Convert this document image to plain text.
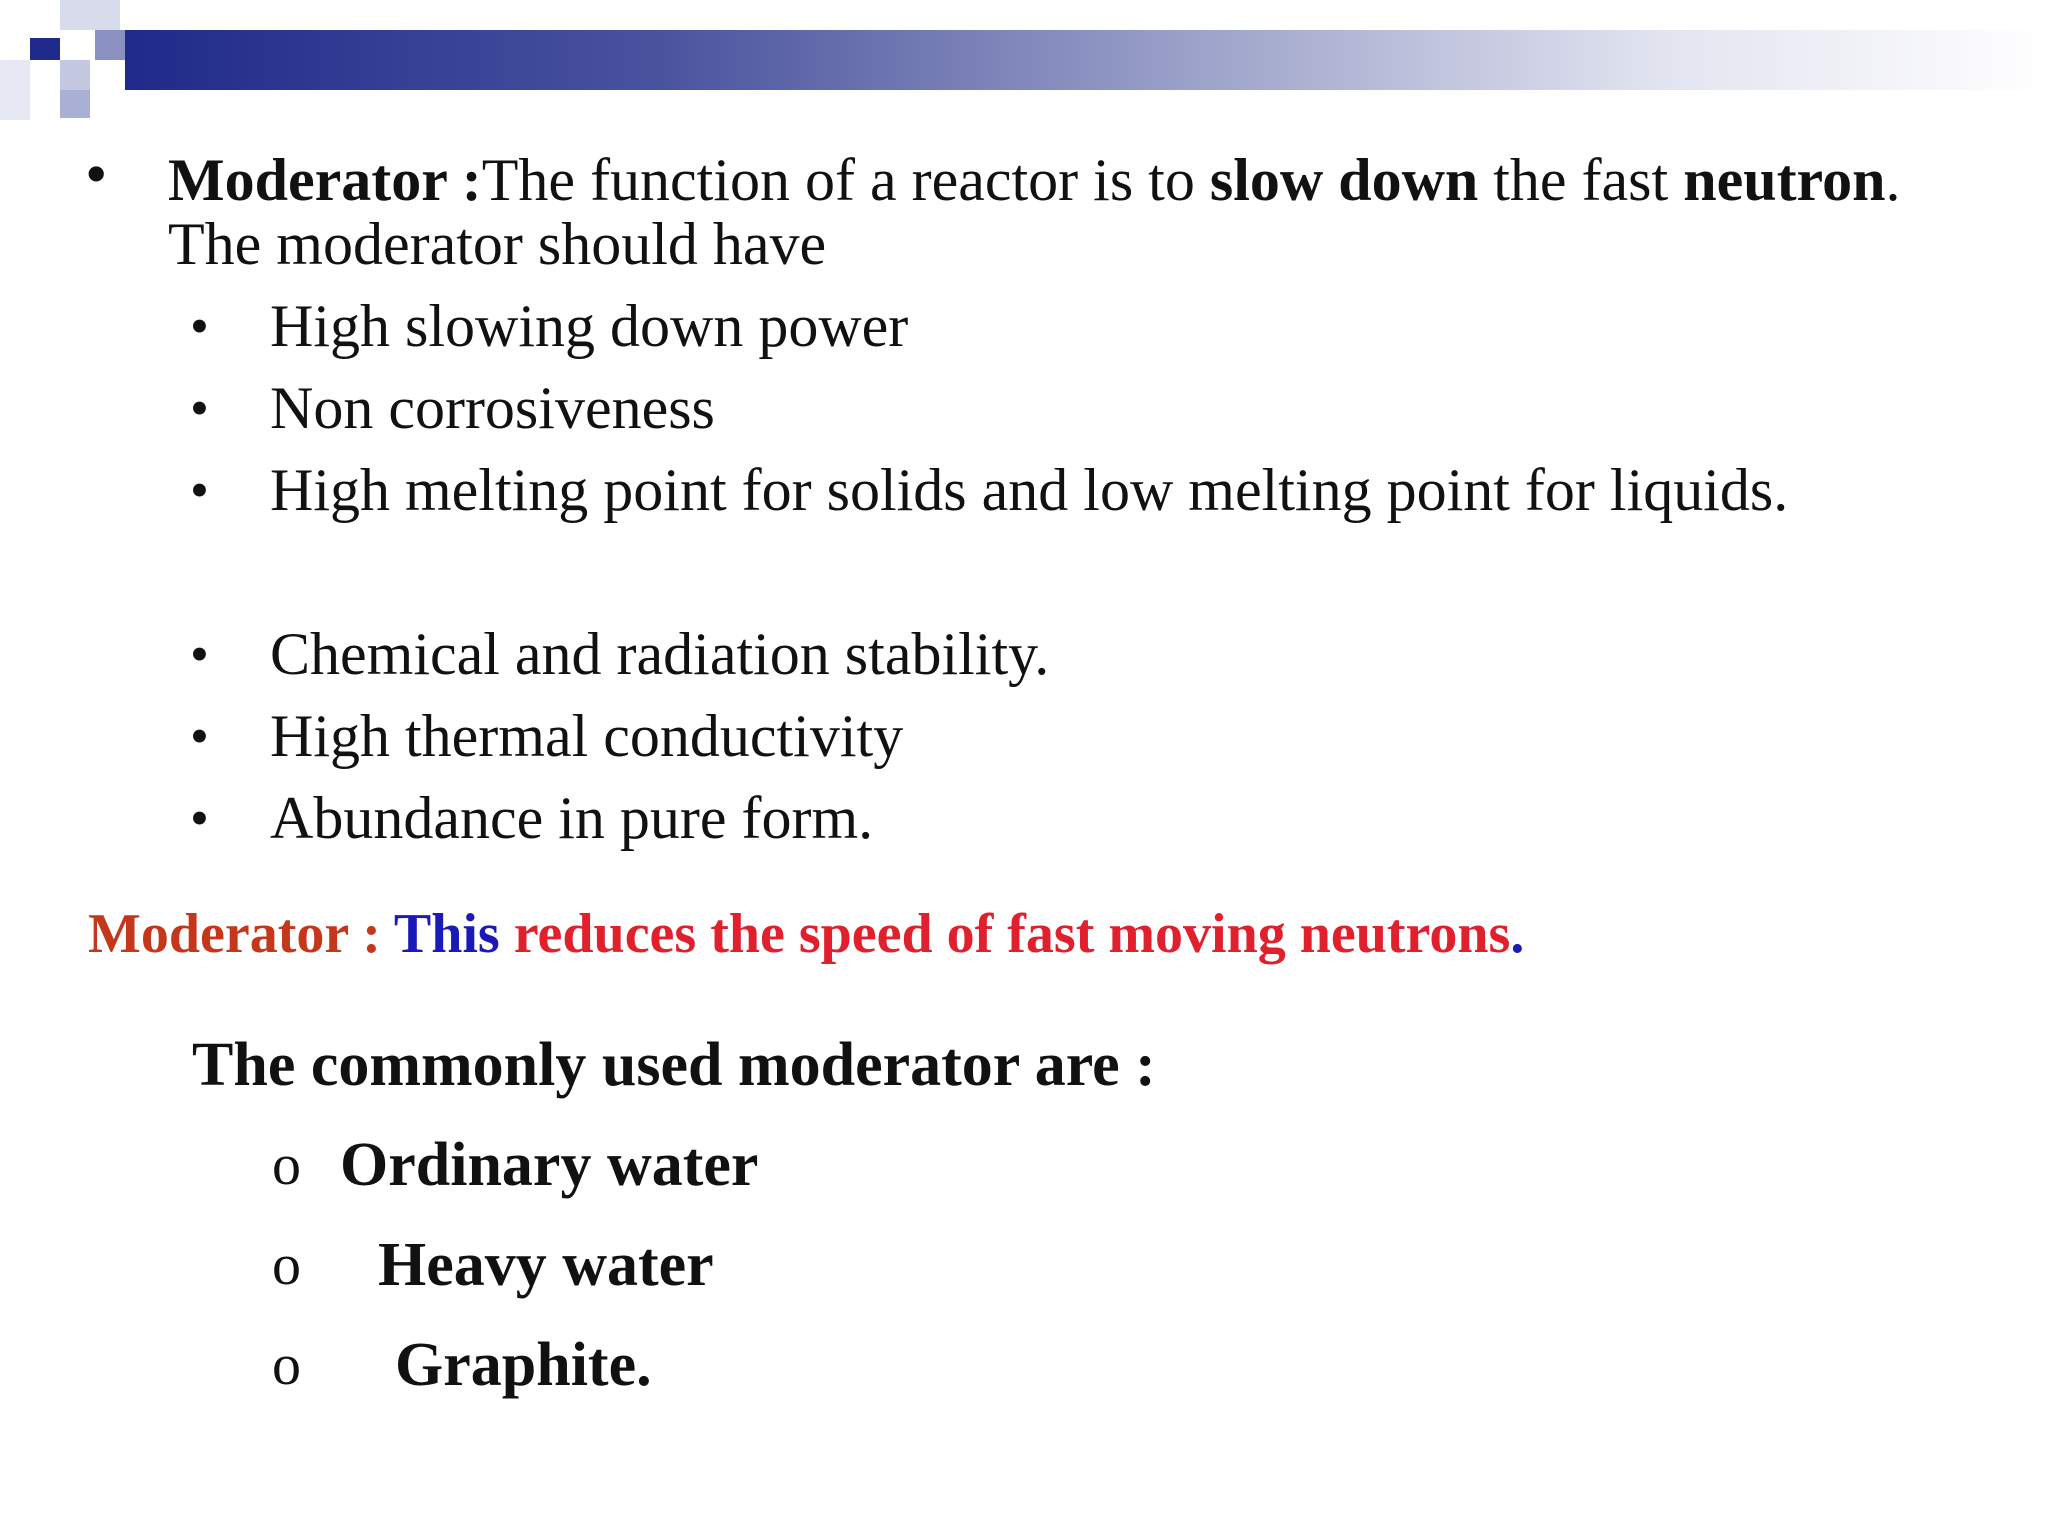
• Moderator :The function of a reactor is to slow down the fast neutron. The moderator should have
• High slowing down power
• Non corrosiveness
• High melting point for solids and low melting point for liquids.
• Chemical and radiation stability.
• High thermal conductivity
• Abundance in pure form.
Moderator : This reduces the speed of fast moving neutrons.
The commonly used moderator are :
o Ordinary water
o Heavy water
o Graphite.
